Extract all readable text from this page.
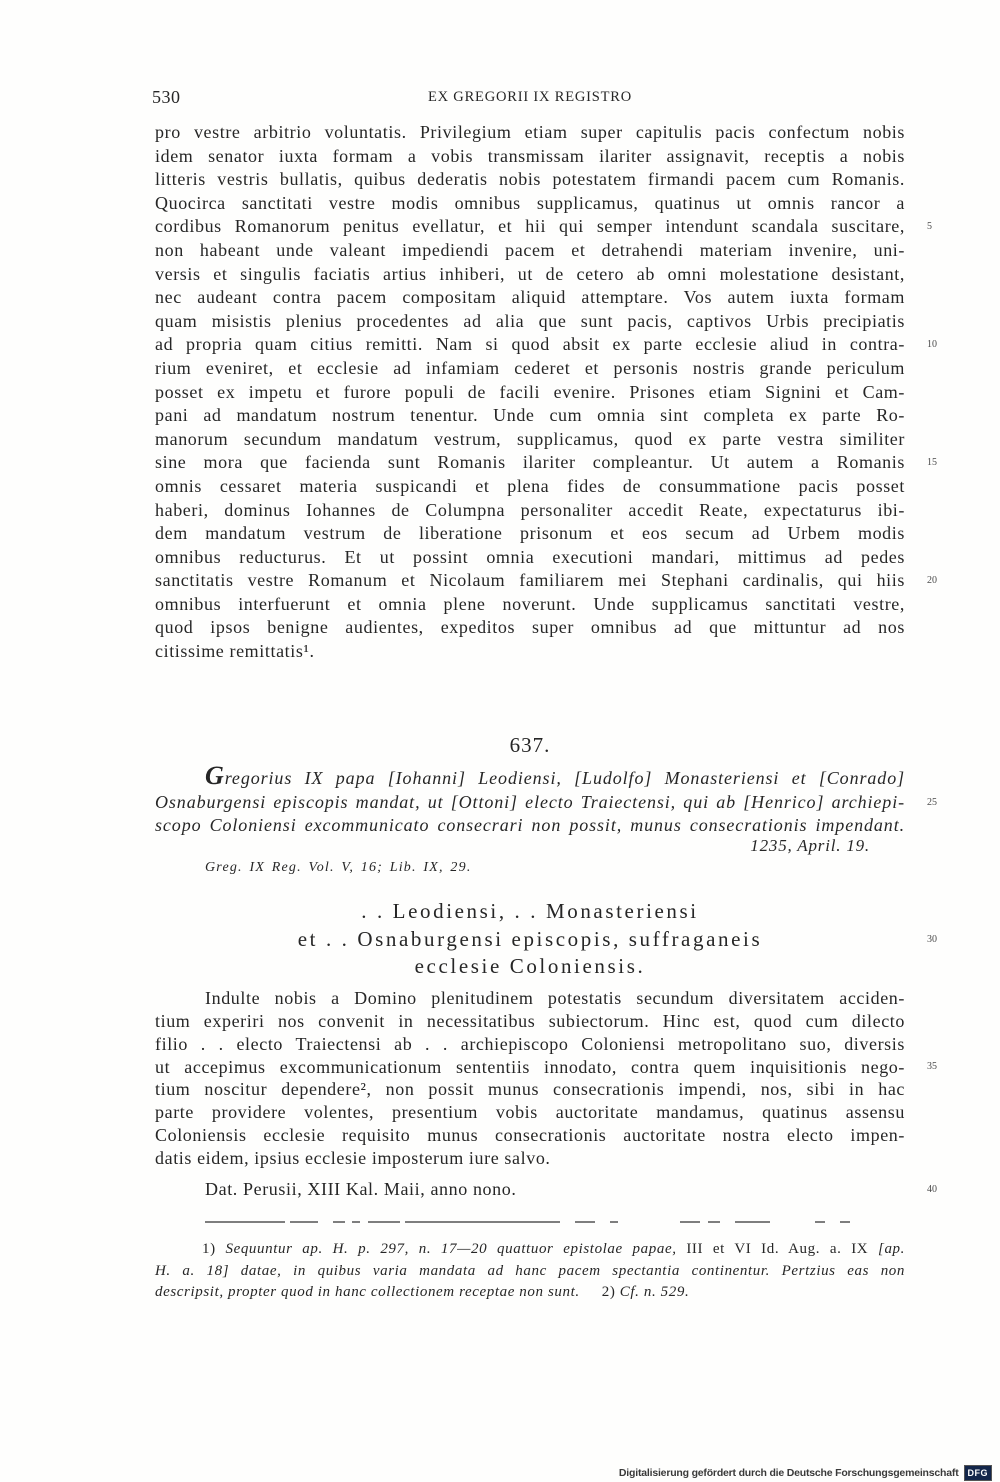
530	EX GREGORII IX REGISTRO
pro vestre arbitrio voluntatis. Privilegium etiam super capitulis pacis confectum nobis
idem senator iuxta formam a vobis transmissam ilariter assignavit, receptis a nobis
litteris vestris bullatis, quibus dederatis nobis potestatem firmandi pacem cum Romanis.
Quocirca sanctitati vestre modis omnibus supplicamus, quatinus ut omnis rancor a
cordibus Romanorum penitus evellatur, et hii qui semper intendunt scandala suscitare, 5
non habeant unde valeant impediendi pacem et detrahendi materiam invenire, uni-
versis et singulis faciatis artius inhiberi, ut de cetero ab omni molestatione desistant,
nec audeant contra pacem compositam aliquid attemptare. Vos autem iuxta formam
quam misistis plenius procedentes ad alia que sunt pacis, captivos Urbis precipiatis
ad propria quam citius remitti. Nam si quod absit ex parte ecclesie aliud in contra- 10
rium eveniret, et ecclesie ad infamiam cederet et personis nostris grande periculum
posset ex impetu et furore populi de facili evenire. Prisones etiam Signini et Cam-
pani ad mandatum nostrum tenentur. Unde cum omnia sint completa ex parte Ro-
manorum secundum mandatum vestrum, supplicamus, quod ex parte vestra similiter
sine mora que facienda sunt Romanis ilariter compleantur. Ut autem a Romanis 15
omnis cessaret materia suspicandi et plena fides de consummatione pacis posset
haberi, dominus Iohannes de Columpna personaliter accedit Reate, expectaturus ibi-
dem mandatum vestrum de liberatione prisonum et eos secum ad Urbem modis
omnibus reducturus. Et ut possint omnia executioni mandari, mittimus ad pedes
sanctitatis vestre Romanum et Nicolaum familiarem mei Stephani cardinalis, qui hiis 20
omnibus interfuerunt et omnia plene noverunt. Unde supplicamus sanctitati vestre,
quod ipsos benigne audientes, expeditos super omnibus ad que mittuntur ad nos
citissime remittatis¹.
637.
Gregorius IX papa [Iohanni] Leodiensi, [Ludolfo] Monasteriensi et [Conrado]
Osnaburgensi episcopis mandat, ut [Ottoni] electo Traiectensi, qui ab [Henrico] archiepi- 25
scopo Coloniensi excommunicato consecrari non possit, munus consecrationis impendant.
1235, April. 19.
Greg. IX Reg. Vol. V, 16; Lib. IX, 29.
. . Leodiensi, . . Monasteriensi
et . . Osnaburgensi episcopis, suffraganeis	30
ecclesie Coloniensis.
Indulte nobis a Domino plenitudinem potestatis secundum diversitatem acciden-
tium experiri nos convenit in necessitatibus subiectorum. Hinc est, quod cum dilecto
filio . . electo Traiectensi ab . . archiepiscopo Coloniensi metropolitano suo, diversis
ut accepimus excommunicationum sententiis innodato, contra quem inquisitionis nego- 35
tium noscitur dependere², non possit munus consecrationis impendi, nos, sibi in hac
parte providere volentes, presentium vobis auctoritate mandamus, quatinus assensu
Coloniensis ecclesie requisito munus consecrationis auctoritate nostra electo impen-
datis eidem, ipsius ecclesie imposterum iure salvo.
Dat. Perusii, XIII Kal. Maii, anno nono.	40
1) Sequuntur ap. H. p. 297, n. 17—20 quattuor epistolae papae, III et VI Id. Aug. a. IX [ap.
H. a. 18] datae, in quibus varia mandata ad hanc pacem spectantia continentur. Pertzius eas non
descripsit, propter quod in hanc collectionem receptae non sunt. 2) Cf. n. 529.
Digitalisierung gefördert durch die Deutsche Forschungsgemeinschaft	DFG
